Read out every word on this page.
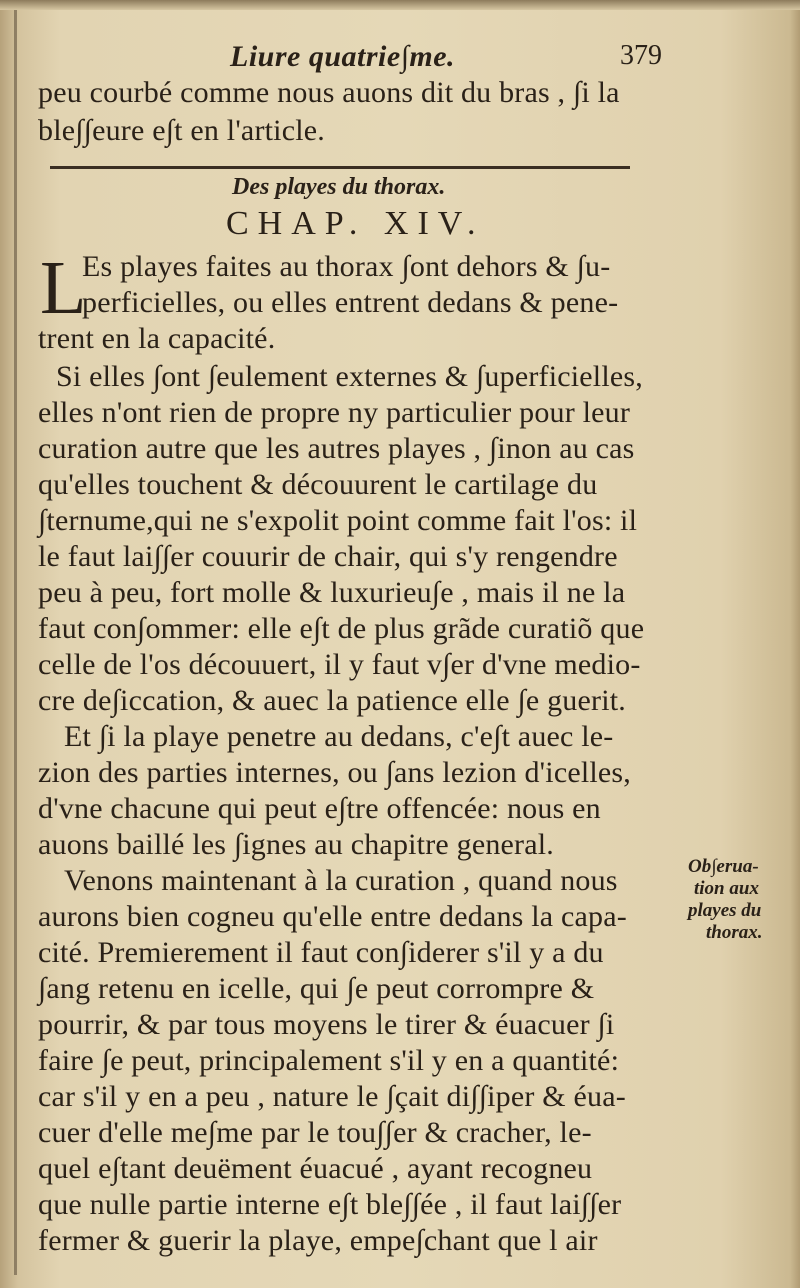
Liure quatrie∫me.	379
peu courbé comme nous auons dit du bras , ∫i la
ble∫∫eure e∫t en l'article.
Des playes du thorax.
CHAP. XIV.
L
Es playes faites au thorax ∫ont dehors & ∫u-
perficielles, ou elles entrent dedans & pene-
trent en la capacité.
Si elles ∫ont ∫eulement externes & ∫uperficielles,
elles n'ont rien de propre ny particulier pour leur
curation autre que les autres playes , ∫inon au cas
qu'elles touchent & découurent le cartilage du
∫ternume,qui ne s'expolit point comme fait l'os: il
le faut lai∫∫er couurir de chair, qui s'y rengendre
peu à peu, fort molle & luxurieu∫e , mais il ne la
faut con∫ommer: elle e∫t de plus grãde curatiõ que
celle de l'os découuert, il y faut v∫er d'vne medio-
cre de∫iccation, & auec la patience elle ∫e guerit.
Et ∫i la playe penetre au dedans, c'e∫t auec le-
zion des parties internes, ou ∫ans lezion d'icelles,
d'vne chacune qui peut e∫tre offencée: nous en
auons baillé les ∫ignes au chapitre general.
Venons maintenant à la curation , quand nous
aurons bien cogneu qu'elle entre dedans la capa-
cité. Premierement il faut con∫iderer s'il y a du
∫ang retenu en icelle, qui ∫e peut corrompre &
pourrir, & par tous moyens le tirer & éuacuer ∫i
faire ∫e peut, principalement s'il y en a quantité:
car s'il y en a peu , nature le ∫çait di∫∫iper & éua-
cuer d'elle me∫me par le tou∫∫er & cracher, le-
quel e∫tant deuëment éuacué , ayant recogneu
que nulle partie interne e∫t ble∫∫ée , il faut lai∫∫er
fermer & guerir la playe, empe∫chant que l air
Ob∫erua-
tion aux
playes du
thorax.
